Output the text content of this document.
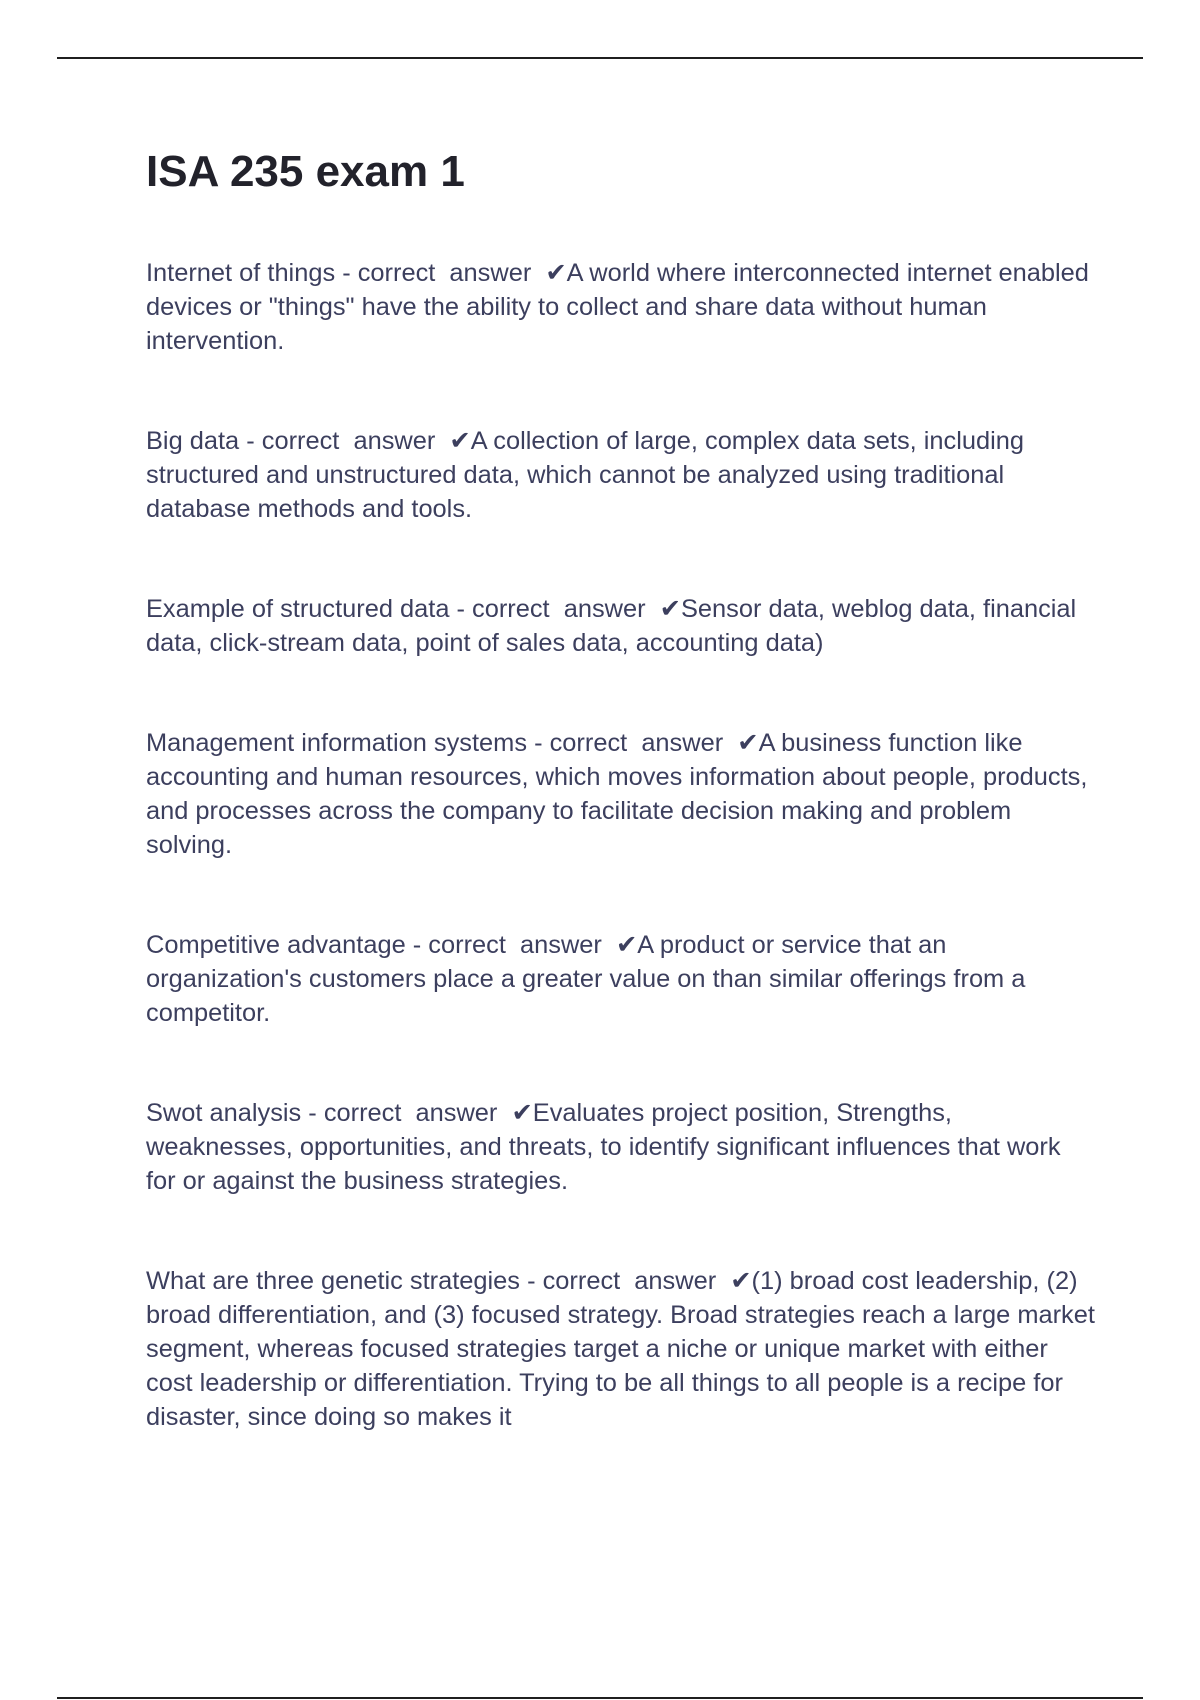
ISA 235 exam 1

Internet of things - correct  answer  ✔A world where interconnected internet enabled devices or "things" have the ability to collect and share data without human intervention.

Big data - correct  answer  ✔A collection of large, complex data sets, including structured and unstructured data, which cannot be analyzed using traditional database methods and tools.

Example of structured data - correct  answer  ✔Sensor data, weblog data, financial data, click-stream data, point of sales data, accounting data)

Management information systems - correct  answer  ✔A business function like accounting and human resources, which moves information about people, products, and processes across the company to facilitate decision making and problem solving.

Competitive advantage - correct  answer  ✔A product or service that an organization's customers place a greater value on than similar offerings from a competitor.

Swot analysis - correct  answer  ✔Evaluates project position, Strengths, weaknesses, opportunities, and threats, to identify significant influences that work for or against the business strategies.

What are three genetic strategies - correct  answer  ✔(1) broad cost leadership, (2) broad differentiation, and (3) focused strategy. Broad strategies reach a large market segment, whereas focused strategies target a niche or unique market with either cost leadership or differentiation. Trying to be all things to all people is a recipe for disaster, since doing so makes it
